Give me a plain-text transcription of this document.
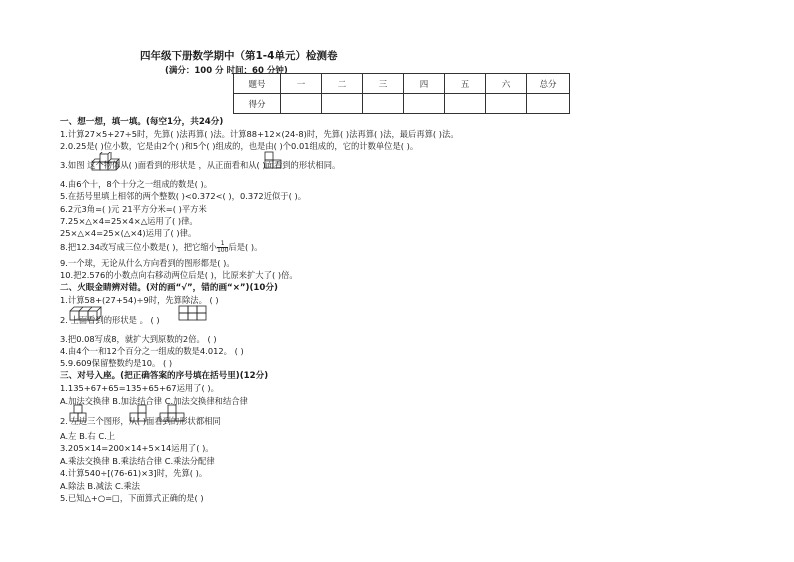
四年级下册数学期中（第1-4单元）检测卷
(满分：100 分 时间：60 分钟)
题号	一	二	三	四	五	六	总分
得分							
一、想一想，填一填。(每空1分，共24分)
1.计算27×5+27÷5时，先算( )法再算( )法。计算88+12×(24-8)时，先算( )法再算( )法，最后再算( )法。
2.0.25是( )位小数，它是由2个( )和5个( )组成的，也是由( )个0.01组成的，它的计数单位是( )。
3.如图 这个物体从( )面看到的形状是 ，从正面看和从( )面看到的形状相同。
4.由6个十，8个十分之一组成的数是( )。
5.在括号里填上相邻的两个整数( )<0.372<( )，0.372近似于( )。
6.2元3角=( )元 21平方分米=( )平方米
7.25×△×4=25×4×△运用了( )律。
25×△×4=25×(△×4)运用了( )律。
8.把12.34改写成三位小数是( )，把它缩小 $\frac{1}{100}$ 后是( )。
9.一个球，无论从什么方向看到的图形都是( )。
10.把2.576的小数点向右移动两位后是( )，比原来扩大了( )倍。
二、火眼金睛辨对错。(对的画“√”，错的画“×”)(10分)
1.计算58+(27+54)÷9时，先算除法。 ( )
2. 上面看到的形状是 。 ( )
3.把0.08写成8，就扩大到原数的2倍。 ( )
4.由4个一和12个百分之一组成的数是4.012。 ( )
5.9.609保留整数约是10。 ( )
三、对号入座。(把正确答案的序号填在括号里)(12分)
1.135+67+65=135+65+67运用了( )。
A.加法交换律 B.加法结合律 C.加法交换律和结合律
2. 左边三个图形，从( )面看到的形状都相同
A.左 B.右 C.上
3.205×14=200×14+5×14运用了( )。
A.乘法交换律 B.乘法结合律 C.乘法分配律
4.计算540÷[(76-61)×3]时，先算( )。
A.除法 B.减法 C.乘法
5.已知△+○=□，下面算式正确的是( )
